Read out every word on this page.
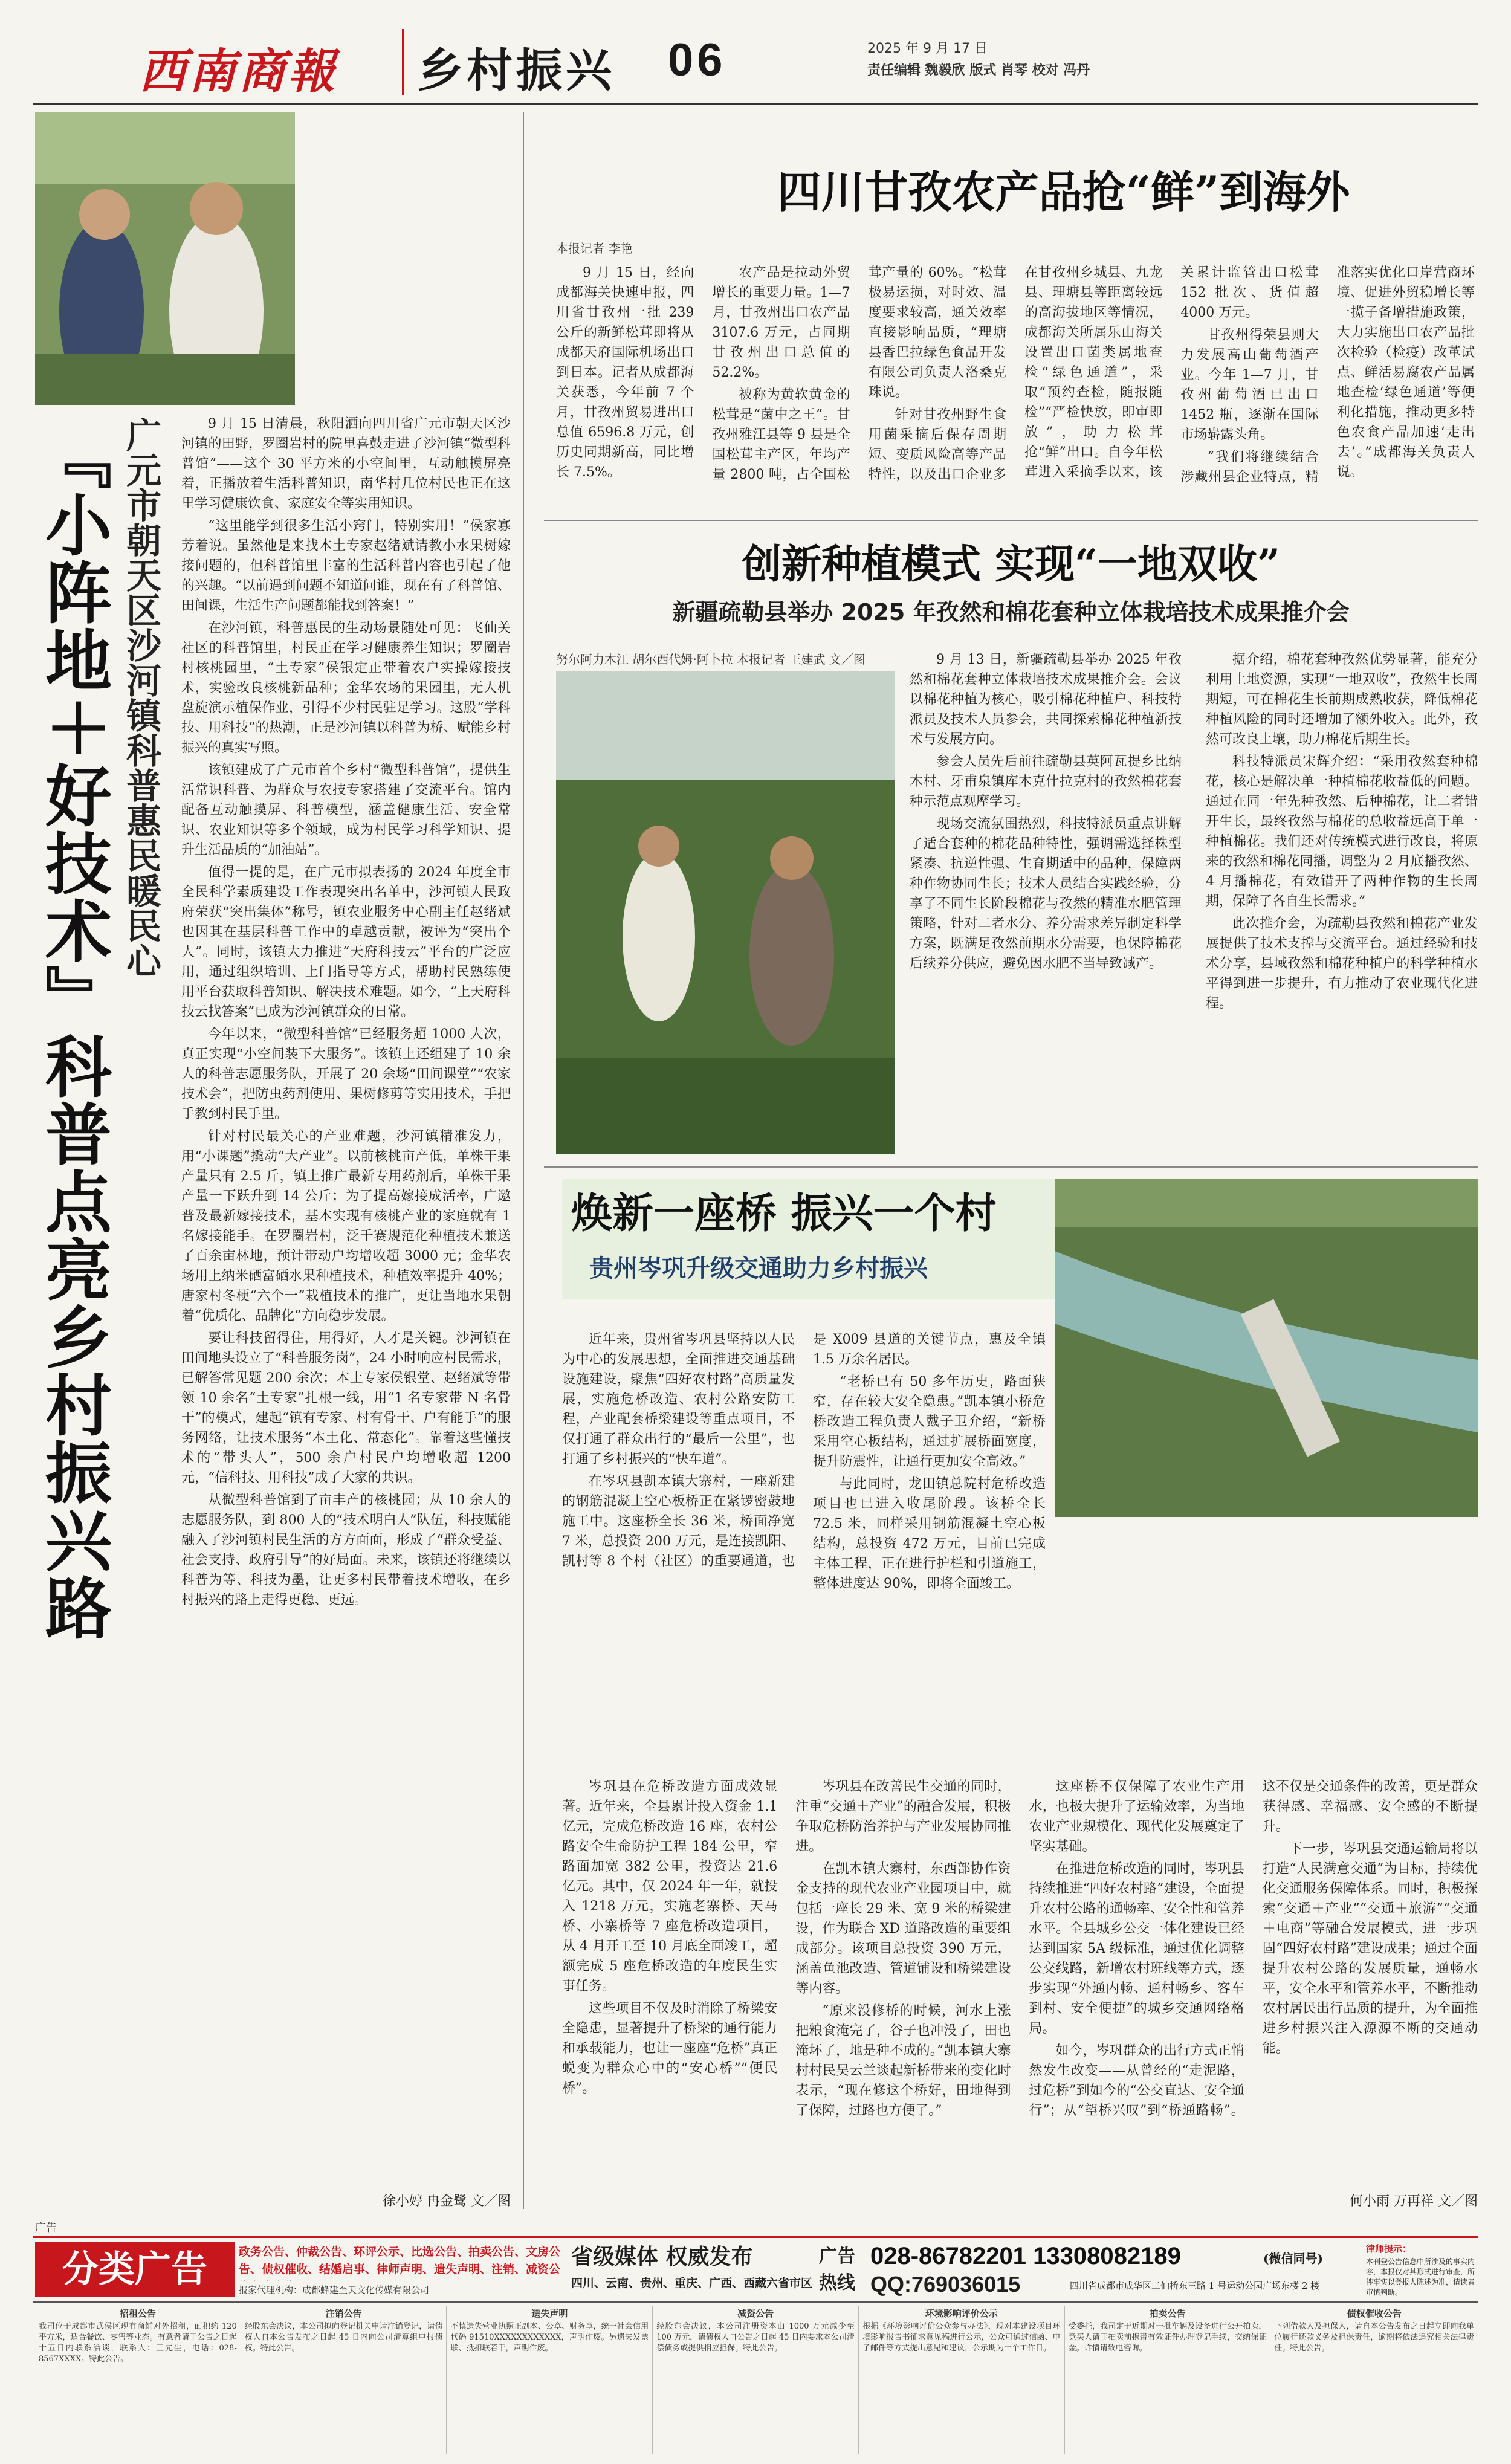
西南商報	乡村振兴	06	2025 年 9 月 17 日
责任编辑 魏毅欣 版式 肖琴 校对 冯丹
『小阵地＋好技术』科普点亮乡村振兴路 广元市朝天区沙河镇科普惠民暖民心	9 月 15 日清晨，秋阳洒向四川省广元市朝天区沙河镇的田野，罗圈岩村的院里喜鼓走进了沙河镇“微型科普馆”——这个 30 平方米的小空间里，互动触摸屏亮着，正播放着生活科普知识，南华村几位村民也正在这里学习健康饮食、家庭安全等实用知识。

“这里能学到很多生活小窍门，特别实用！”侯家寡芳着说。虽然他是来找本土专家赵绪斌请教小水果树嫁接问题的，但科普馆里丰富的生活科普内容也引起了他的兴趣。“以前遇到问题不知道问谁，现在有了科普馆、田间课，生活生产问题都能找到答案！”

在沙河镇，科普惠民的生动场景随处可见：飞仙关社区的科普馆里，村民正在学习健康养生知识；罗圈岩村核桃园里，“土专家”侯银定正带着农户实操嫁接技术，实验改良核桃新品种；金华农场的果园里，无人机盘旋演示植保作业，引得不少村民驻足学习。这股“学科技、用科技”的热潮，正是沙河镇以科普为桥、赋能乡村振兴的真实写照。

该镇建成了广元市首个乡村“微型科普馆”，提供生活常识科普、为群众与农技专家搭建了交流平台。馆内配备互动触摸屏、科普模型，涵盖健康生活、安全常识、农业知识等多个领域，成为村民学习科学知识、提升生活品质的“加油站”。

值得一提的是，在广元市拟表扬的 2024 年度全市全民科学素质建设工作表现突出名单中，沙河镇人民政府荣获“突出集体”称号，镇农业服务中心副主任赵绪斌也因其在基层科普工作中的卓越贡献，被评为“突出个人”。同时，该镇大力推进“天府科技云”平台的广泛应用，通过组织培训、上门指导等方式，帮助村民熟练使用平台获取科普知识、解决技术难题。如今，“上天府科技云找答案”已成为沙河镇群众的日常。

今年以来，“微型科普馆”已经服务超 1000 人次，真正实现“小空间装下大服务”。该镇上还组建了 10 余人的科普志愿服务队，开展了 20 余场“田间课堂”“农家技术会”，把防虫药剂使用、果树修剪等实用技术，手把手教到村民手里。

针对村民最关心的产业难题，沙河镇精准发力，用“小课题”撬动“大产业”。以前核桃亩产低，单株干果产量只有 2.5 斤，镇上推广最新专用药剂后，单株干果产量一下跃升到 14 公斤；为了提高嫁接成活率，广邀普及最新嫁接技术，基本实现有核桃产业的家庭就有 1 名嫁接能手。在罗圈岩村，泛千赛规范化种植技术兼送了百余亩林地，预计带动户均增收超 3000 元；金华农场用上纳米硒富硒水果种植技术，种植效率提升 40%；唐家村冬梗“六个一”栽植技术的推广，更让当地水果朝着“优质化、品牌化”方向稳步发展。

要让科技留得住，用得好，人才是关键。沙河镇在田间地头设立了“科普服务岗”，24 小时响应村民需求，已解答常见题 200 余次；本土专家侯银堂、赵绪斌等带领 10 余名“土专家”扎根一线，用“1 名专家带 N 名骨干”的模式，建起“镇有专家、村有骨干、户有能手”的服务网络，让技术服务“本土化、常态化”。靠着这些懂技术的“带头人”，500 余户村民户均增收超 1200 元，“信科技、用科技”成了大家的共识。

从微型科普馆到了亩丰产的核桃园；从 10 余人的志愿服务队，到 800 人的“技术明白人”队伍，科技赋能融入了沙河镇村民生活的方方面面，形成了“群众受益、社会支持、政府引导”的好局面。未来，该镇还将继续以科普为等、科技为墨，让更多村民带着技术增收，在乡村振兴的路上走得更稳、更远。

徐小婷 冉金鹭 文／图
四川甘孜农产品抢“鲜”到海外
本报记者 李艳

9 月 15 日，经向成都海关快速申报，四川省甘孜州一批 239 公斤的新鲜松茸即将从成都天府国际机场出口到日本。记者从成都海关获悉，今年前 7 个月，甘孜州贸易进出口总值 6596.8 万元，创历史同期新高，同比增长 7.5%。

农产品是拉动外贸增长的重要力量。1—7 月，甘孜州出口农产品 3107.6 万元，占同期甘孜州出口总值的 52.2%。

被称为黄软黄金的松茸是“菌中之王”。甘孜州雅江县等 9 县是全国松茸主产区，年均产量 2800 吨，占全国松茸产量的 60%。“松茸极易运损，对时效、温度要求较高，通关效率直接影响品质，“理塘县香巴拉绿色食品开发有限公司负责人洛桑克珠说。

针对甘孜州野生食用菌采摘后保存周期短、变质风险高等产品特性，以及出口企业多在甘孜州乡城县、九龙县、理塘县等距离较远的高海拔地区等情况，成都海关所属乐山海关设置出口菌类属地查检“绿色通道”，采取“预约查检，随报随检”“严检快放，即审即放”，助力松茸抢“鲜”出口。自今年松茸进入采摘季以来，该关累计监管出口松茸 152 批次、货值超 4000 万元。

甘孜州得荣县则大力发展高山葡萄酒产业。今年 1—7 月，甘孜州葡萄酒已出口 1452 瓶，逐渐在国际市场崭露头角。

“我们将继续结合涉藏州县企业特点，精准落实优化口岸营商环境、促进外贸稳增长等一揽子备增措施政策，大力实施出口农产品批次检验（检疫）改革试点、鲜活易腐农产品属地查检‘绿色通道’等便利化措施，推动更多特色农食产品加速‘走出去’。”成都海关负责人说。

创新种植模式 实现“一地双收”
新疆疏勒县举办 2025 年孜然和棉花套种立体栽培技术成果推介会
努尔阿力木江 胡尔西代姆·阿卜拉 本报记者 王建武 文／图	9 月 13 日，新疆疏勒县举办 2025 年孜然和棉花套种立体栽培技术成果推介会。会议以棉花种植为核心，吸引棉花种植户、科技特派员及技术人员参会，共同探索棉花种植新技术与发展方向。

参会人员先后前往疏勒县英阿瓦提乡比纳木村、牙甫泉镇库木克什拉克村的孜然棉花套种示范点观摩学习。

现场交流氛围热烈，科技特派员重点讲解了适合套种的棉花品种特性，强调需选择株型紧凑、抗逆性强、生育期适中的品种，保障两种作物协同生长；技术人员结合实践经验，分享了不同生长阶段棉花与孜然的精准水肥管理策略，针对二者水分、养分需求差异制定科学方案，既满足孜然前期水分需要，也保障棉花后续养分供应，避免因水肥不当导致减产。

据介绍，棉花套种孜然优势显著，能充分利用土地资源，实现“一地双收”，孜然生长周期短，可在棉花生长前期成熟收获，降低棉花种植风险的同时还增加了额外收入。此外，孜然可改良土壤，助力棉花后期生长。

科技特派员宋辉介绍：“采用孜然套种棉花，核心是解决单一种植棉花收益低的问题。通过在同一年先种孜然、后种棉花，让二者错开生长，最终孜然与棉花的总收益远高于单一种植棉花。我们还对传统模式进行改良，将原来的孜然和棉花同播，调整为 2 月底播孜然、4 月播棉花，有效错开了两种作物的生长周期，保障了各自生长需求。”

此次推介会，为疏勒县孜然和棉花产业发展提供了技术支撑与交流平台。通过经验和技术分享，县域孜然和棉花种植户的科学种植水平得到进一步提升，有力推动了农业现代化进程。

焕新一座桥 振兴一个村
贵州岑巩升级交通助力乡村振兴

近年来，贵州省岑巩县坚持以人民为中心的发展思想，全面推进交通基础设施建设，聚焦“四好农村路”高质量发展，实施危桥改造、农村公路安防工程，产业配套桥梁建设等重点项目，不仅打通了群众出行的“最后一公里”，也打通了乡村振兴的“快车道”。

在岑巩县凯本镇大寨村，一座新建的钢筋混凝土空心板桥正在紧锣密鼓地施工中。这座桥全长 36 米，桥面净宽 7 米，总投资 200 万元，是连接凯阳、凯村等 8 个村（社区）的重要通道，也是 X009 县道的关键节点，惠及全镇 1.5 万余名居民。

“老桥已有 50 多年历史，路面狭窄，存在较大安全隐患。”凯本镇小桥危桥改造工程负责人戴子卫介绍，“新桥采用空心板结构，通过扩展桥面宽度，提升防震性，让通行更加安全高效。”

与此同时，龙田镇总院村危桥改造项目也已进入收尾阶段。该桥全长 72.5 米，同样采用钢筋混凝土空心板结构，总投资 472 万元，目前已完成主体工程，正在进行护栏和引道施工，整体进度达 90%，即将全面竣工。

岑巩县在危桥改造方面成效显著。近年来，全县累计投入资金 1.1 亿元，完成危桥改造 16 座，农村公路安全生命防护工程 184 公里，窄路面加宽 382 公里，投资达 21.6 亿元。其中，仅 2024 年一年，就投入 1218 万元，实施老寨桥、天马桥、小寨桥等 7 座危桥改造项目，从 4 月开工至 10 月底全面竣工，超额完成 5 座危桥改造的年度民生实事任务。

这些项目不仅及时消除了桥梁安全隐患，显著提升了桥梁的通行能力和承载能力，也让一座座“危桥”真正蜕变为群众心中的“安心桥”“便民桥”。

岑巩县在改善民生交通的同时，注重“交通＋产业”的融合发展，积极争取危桥防治养护与产业发展协同推进。

在凯本镇大寨村，东西部协作资金支持的现代农业产业园项目中，就包括一座长 29 米、宽 9 米的桥梁建设，作为联合 XD 道路改造的重要组成部分。该项目总投资 390 万元，涵盖鱼池改造、管道铺设和桥梁建设等内容。

“原来没修桥的时候，河水上涨把粮食淹完了，谷子也冲没了，田也淹坏了，地是种不成的。”凯本镇大寨村村民吴云兰谈起新桥带来的变化时表示，“现在修这个桥好，田地得到了保障，过路也方便了。”

这座桥不仅保障了农业生产用水，也极大提升了运输效率，为当地农业产业规模化、现代化发展奠定了坚实基础。

在推进危桥改造的同时，岑巩县持续推进“四好农村路”建设，全面提升农村公路的通畅率、安全性和管养水平。全县城乡公交一体化建设已经达到国家 5A 级标准，通过优化调整公交线路，新增农村班线等方式，逐步实现“外通内畅、通村畅乡、客车到村、安全便捷”的城乡交通网络格局。

如今，岑巩群众的出行方式正悄然发生改变——从曾经的“走泥路，过危桥”到如今的“公交直达、安全通行”；从“望桥兴叹”到“桥通路畅”。这不仅是交通条件的改善，更是群众获得感、幸福感、安全感的不断提升。

下一步，岑巩县交通运输局将以打造“人民满意交通”为目标，持续优化交通服务保障体系。同时，积极探索“交通＋产业”“交通＋旅游”“交通＋电商”等融合发展模式，进一步巩固“四好农村路”建设成果；通过全面提升农村公路的发展质量，通畅水平，安全水平和管养水平，不断推动农村居民出行品质的提升，为全面推进乡村振兴注入源源不断的交通动能。

何小雨 万再祥 文／图
广告
分类广告	政务公告、仲裁公告、环评公示、比选公告、拍卖公告、文房公告、债权催收、结婚启事、律师声明、遗失声明、注销、减资公
报家代理机构：成都蜂建至天文化传媒有限公司
省级媒体 权威发布
四川、云南、贵州、重庆、广西、西藏六省市区
广告
热线
028-86782201 13308082189	(微信同号)
QQ:769036015	四川省成都市成华区二仙桥东三路 1 号运动公园广场东楼 2 楼
律师提示：
本刊登公告信息中所涉及的事实内容，本报仅对其形式进行审查，所涉事实以登报人陈述为准，请读者审慎判断。
招租公告
我司位于成都市武侯区现有商铺对外招租，面积约 120 平方米，适合餐饮、零售等业态。有意者请于公告之日起十五日内联系洽谈，联系人：王先生，电话：028-8567XXXX。特此公告。
注销公告
经股东会决议，本公司拟向登记机关申请注销登记，请债权人自本公告发布之日起 45 日内向公司清算组申报债权。特此公告。
遗失声明
不慎遗失营业执照正副本、公章、财务章，统一社会信用代码 91510XXXXXXXXXXXX，声明作废。另遗失发票联、抵扣联若干，声明作废。
减资公告
经股东会决议，本公司注册资本由 1000 万元减少至 100 万元，请债权人自公告之日起 45 日内要求本公司清偿债务或提供相应担保。特此公告。
环境影响评价公示
根据《环境影响评价公众参与办法》，现对本建设项目环境影响报告书征求意见稿进行公示，公众可通过信函、电子邮件等方式提出意见和建议，公示期为十个工作日。
拍卖公告
受委托，我司定于近期对一批车辆及设备进行公开拍卖，竞买人请于拍卖前携带有效证件办理登记手续，交纳保证金。详情请致电咨询。
债权催收公告
下列借款人及担保人，请自本公告发布之日起立即向我单位履行还款义务及担保责任，逾期将依法追究相关法律责任。特此公告。
